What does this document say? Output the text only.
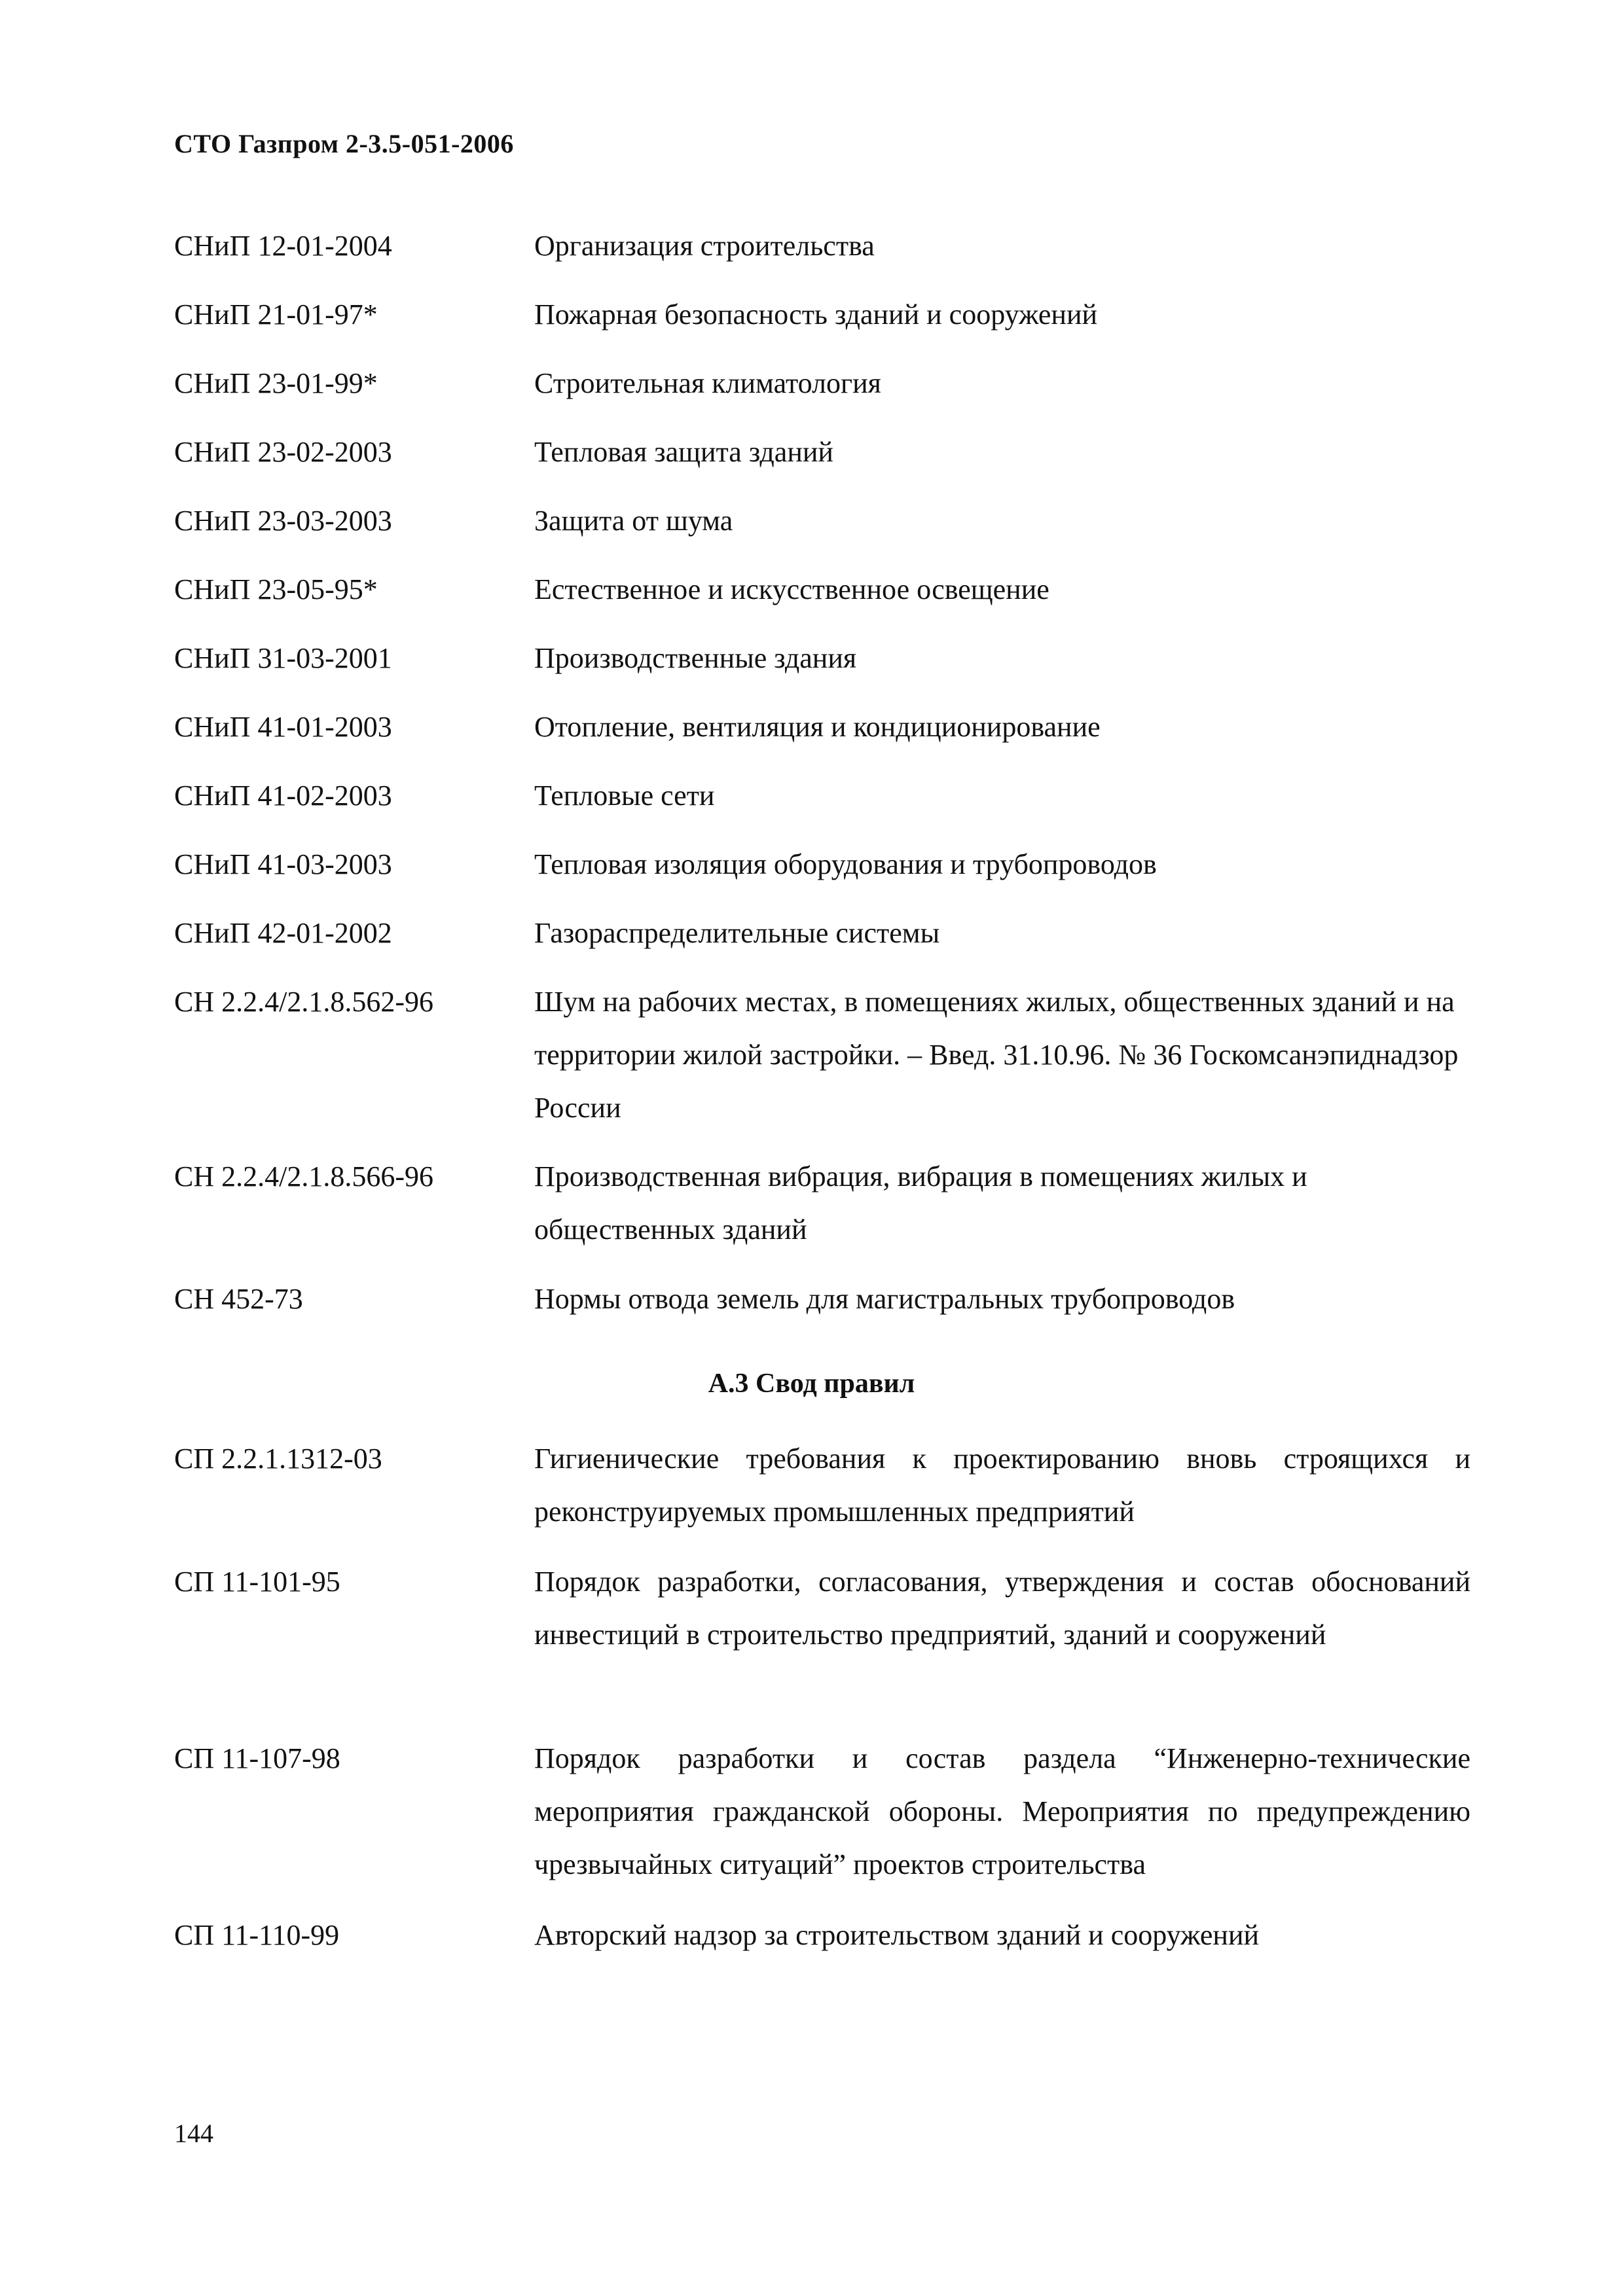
СТО Газпром 2-3.5-051-2006
СНиП 12-01-2004	Организация строительства
СНиП 21-01-97*	Пожарная безопасность зданий и сооружений
СНиП 23-01-99*	Строительная климатология
СНиП 23-02-2003	Тепловая защита зданий
СНиП 23-03-2003	Защита от шума
СНиП 23-05-95*	Естественное и искусственное освещение
СНиП 31-03-2001	Производственные здания
СНиП 41-01-2003	Отопление, вентиляция и кондиционирование
СНиП 41-02-2003	Тепловые сети
СНиП 41-03-2003	Тепловая изоляция оборудования и трубопроводов
СНиП 42-01-2002	Газораспределительные системы
СН 2.2.4/2.1.8.562-96	Шум на рабочих местах, в помещениях жилых, общественных зданий и на территории жилой застройки. – Введ. 31.10.96. № 36 Госкомсанэпиднадзор России
СН 2.2.4/2.1.8.566-96	Производственная вибрация, вибрация в помещениях жилых и общественных зданий
СН 452-73	Нормы отвода земель для магистральных трубопроводов
А.3 Свод правил
СП 2.2.1.1312-03	Гигиенические требования к проектированию вновь строящихся и реконструируемых промышленных предприятий
СП 11-101-95	Порядок разработки, согласования, утверждения и состав обоснований инвестиций в строительство предприятий, зданий и сооружений
СП 11-107-98	Порядок разработки и состав раздела “Инженерно-технические мероприятия гражданской обороны. Мероприятия по предупреждению чрезвычайных ситуаций” проектов строительства
СП 11-110-99	Авторский надзор за строительством зданий и сооружений
144
